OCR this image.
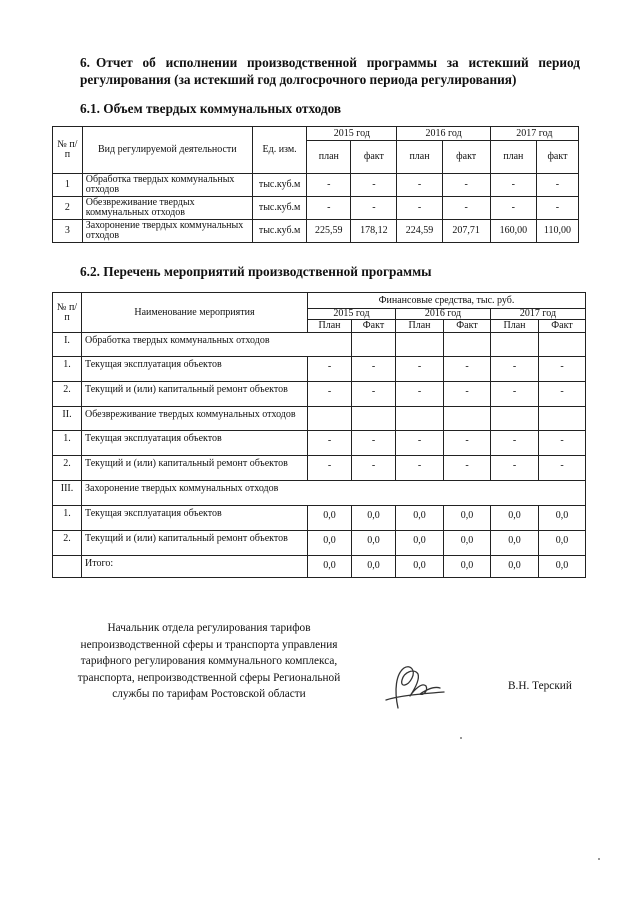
6. Отчет об исполнении производственной программы за истекший период регулирования (за истекший год долгосрочного периода регулирования)
6.1. Объем твердых коммунальных отходов
№ п/п	Вид регулируемой деятельности	Ед. изм.	2015 год		2016 год		2017 год	
			план	факт	план	факт	план	факт
1	Обработка твердых коммунальных отходов	тыс.куб.м	-	-	-	-	-	-
2	Обезвреживание твердых коммунальных отходов	тыс.куб.м	-	-	-	-	-	-
3	Захоронение твердых коммунальных отходов	тыс.куб.м	225,59	178,12	224,59	207,71	160,00	110,00
6.2. Перечень мероприятий производственной программы
№ п/п	Наименование мероприятия	Финансовые средства, тыс. руб.					
		2015 год		2016 год		2017 год	
		План	Факт	План	Факт	План	Факт
I.	Обработка твердых коммунальных отходов						
1.	Текущая эксплуатация объектов	-	-	-	-	-	-
2.	Текущий и (или) капитальный ремонт объектов	-	-	-	-	-	-
II.	Обезвреживание твердых коммунальных отходов						
1.	Текущая эксплуатация объектов	-	-	-	-	-	-
2.	Текущий и (или) капитальный ремонт объектов	-	-	-	-	-	-
III.	Захоронение твердых коммунальных отходов						
1.	Текущая эксплуатация объектов	0,0	0,0	0,0	0,0	0,0	0,0
2.	Текущий и (или) капитальный ремонт объектов	0,0	0,0	0,0	0,0	0,0	0,0
	Итого:	0,0	0,0	0,0	0,0	0,0	0,0
Начальник отдела регулирования тарифов
непроизводственной сферы и транспорта управления
тарифного регулирования коммунального комплекса,
транспорта, непроизводственной сферы Региональной
службы по тарифам Ростовской области
В.Н. Терский
